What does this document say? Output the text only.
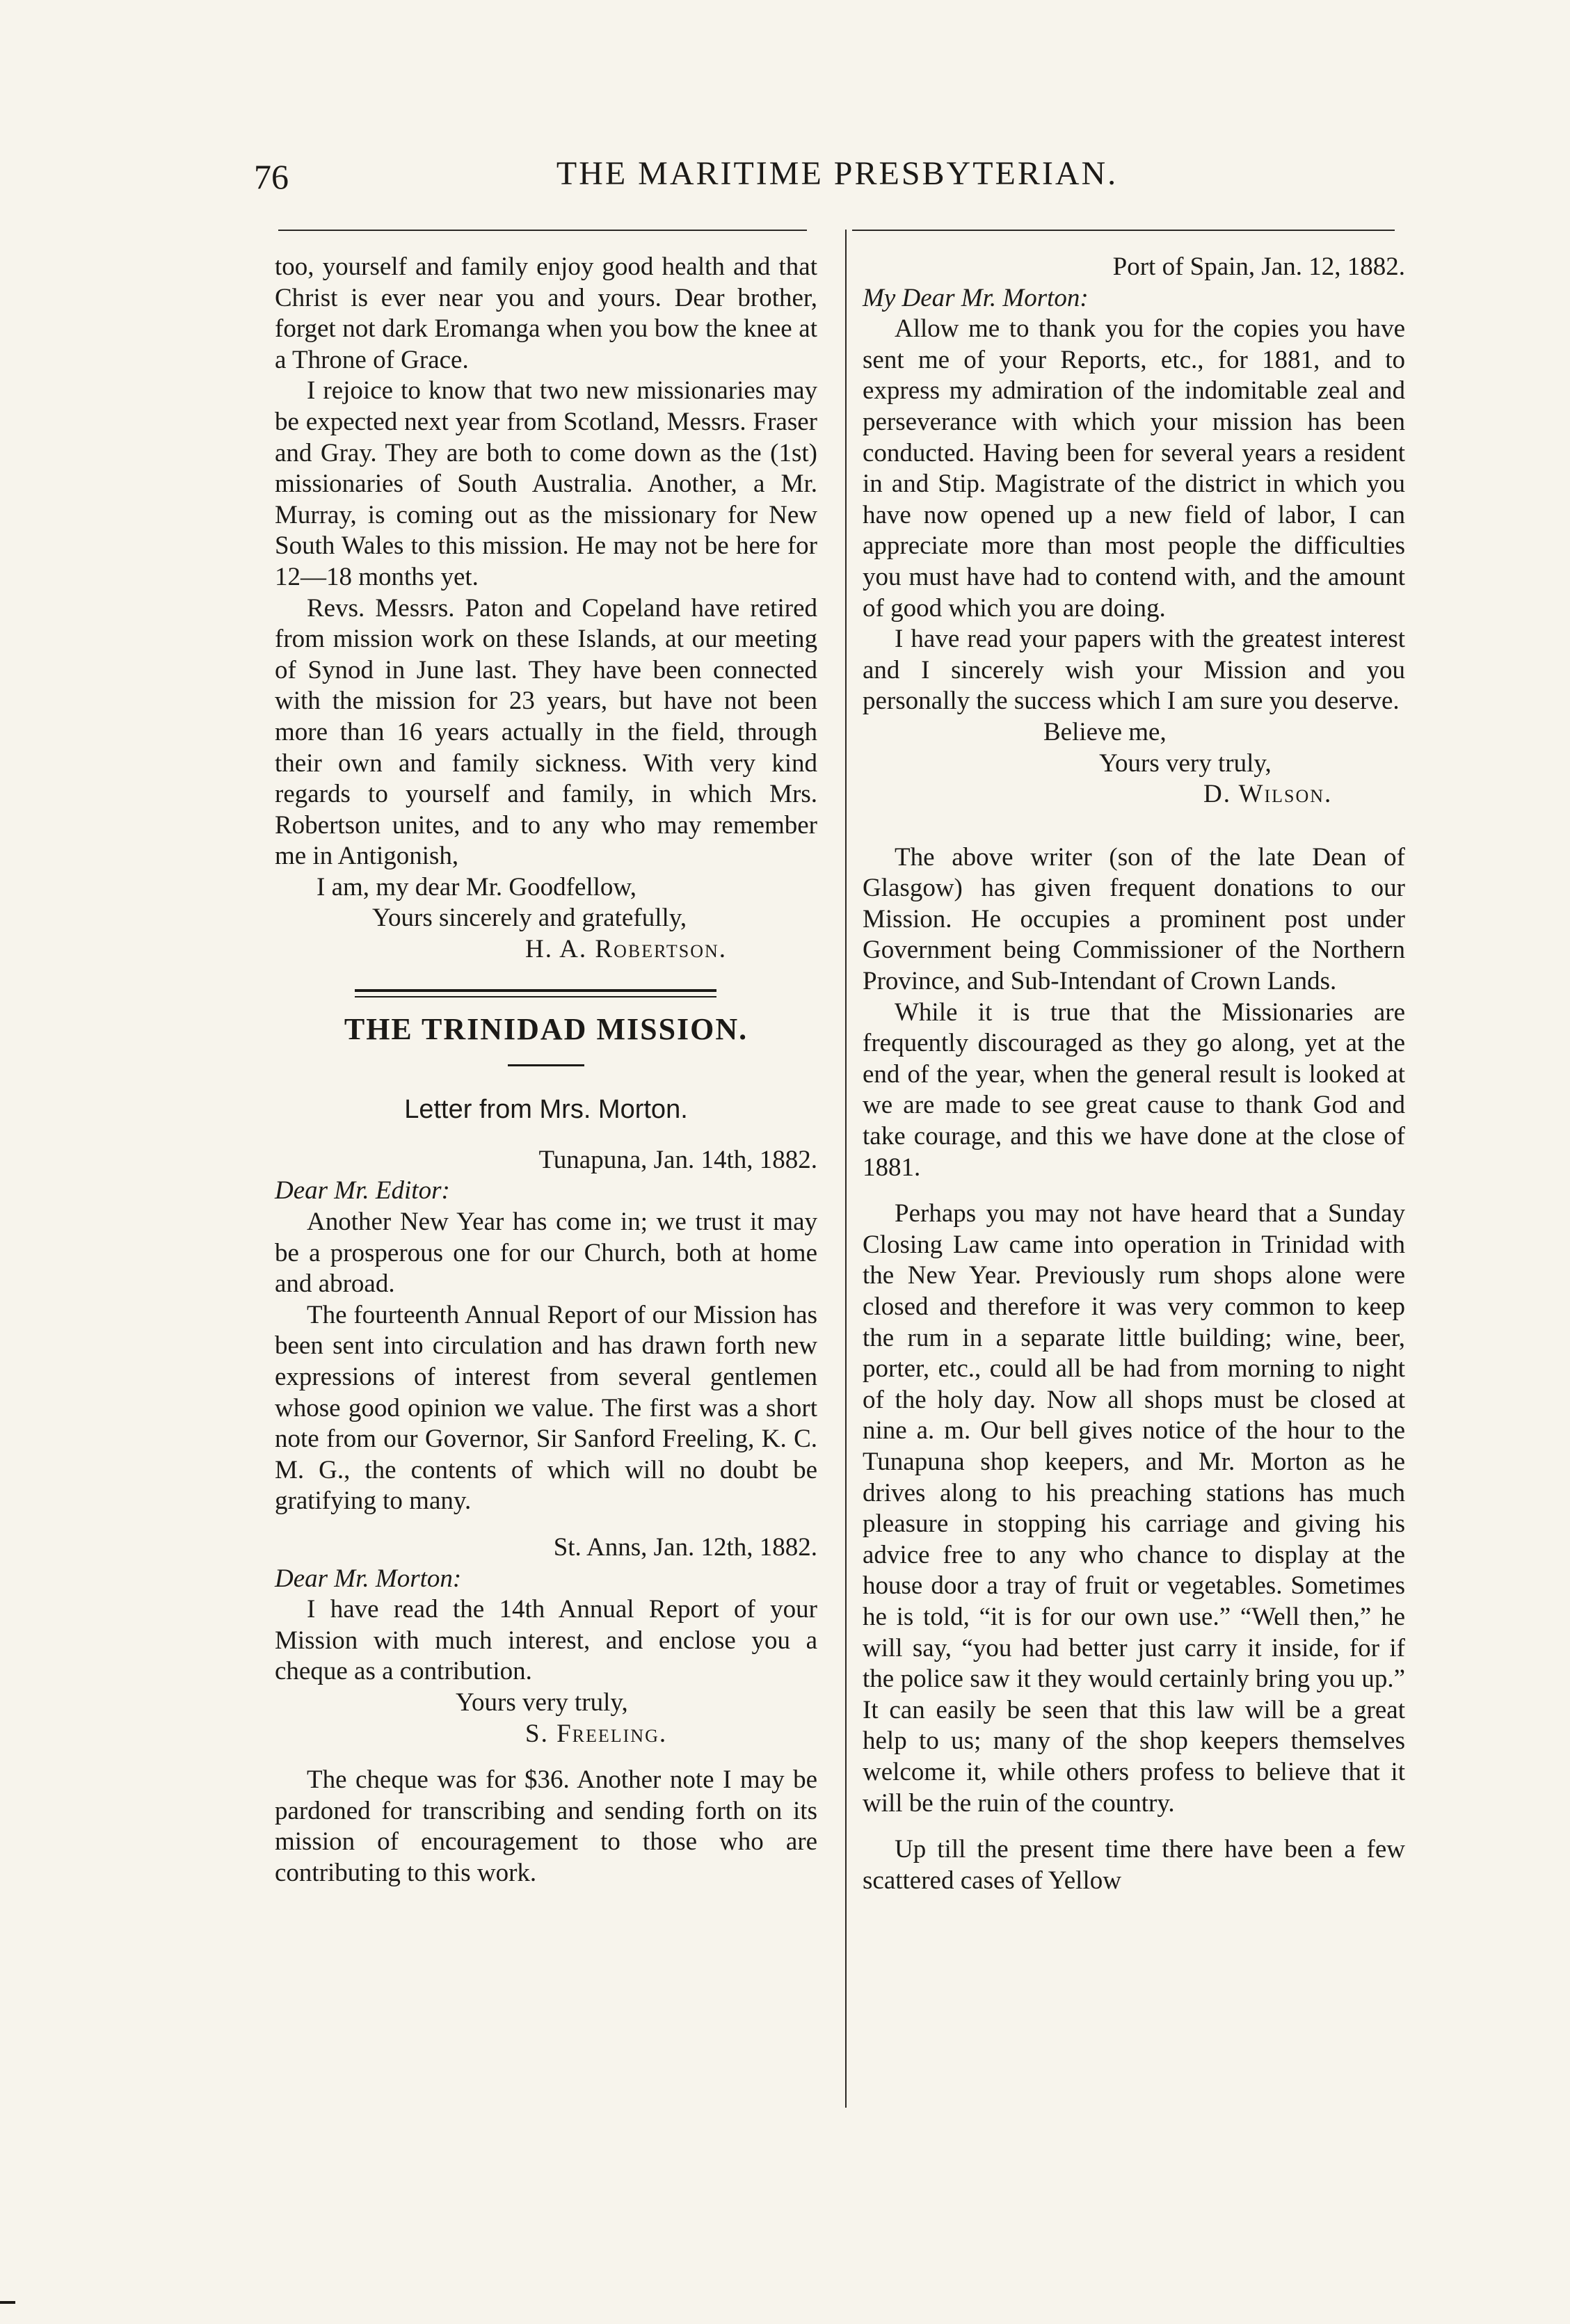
76	THE MARITIME PRESBYTERIAN.

too, yourself and family enjoy good health and that Christ is ever near you and yours. Dear brother, forget not dark Eromanga when you bow the knee at a Throne of Grace.

I rejoice to know that two new missionaries may be expected next year from Scotland, Messrs. Fraser and Gray. They are both to come down as the (1st) missionaries of South Australia. Another, a Mr. Murray, is coming out as the missionary for New South Wales to this mission. He may not be here for 12—18 months yet.

Revs. Messrs. Paton and Copeland have retired from mission work on these Islands, at our meeting of Synod in June last. They have been connected with the mission for 23 years, but have not been more than 16 years actually in the field, through their own and family sickness. With very kind regards to yourself and family, in which Mrs. Robertson unites, and to any who may remember me in Antigonish,

I am, my dear Mr. Goodfellow,

Yours sincerely and gratefully,

H. A. Robertson.

THE TRINIDAD MISSION.
Letter from Mrs. Morton.

Tunapuna, Jan. 14th, 1882.

Dear Mr. Editor:

Another New Year has come in; we trust it may be a prosperous one for our Church, both at home and abroad.

The fourteenth Annual Report of our Mission has been sent into circulation and has drawn forth new expressions of interest from several gentlemen whose good opinion we value. The first was a short note from our Governor, Sir Sanford Freeling, K. C. M. G., the contents of which will no doubt be gratifying to many.

St. Anns, Jan. 12th, 1882.

Dear Mr. Morton:

I have read the 14th Annual Report of your Mission with much interest, and enclose you a cheque as a contribution.

Yours very truly,

S. Freeling.

The cheque was for $36. Another note I may be pardoned for transcribing and sending forth on its mission of encouragement to those who are contributing to this work.

Port of Spain, Jan. 12, 1882.

My Dear Mr. Morton:

Allow me to thank you for the copies you have sent me of your Reports, etc., for 1881, and to express my admiration of the indomitable zeal and perseverance with which your mission has been conducted. Having been for several years a resident in and Stip. Magistrate of the district in which you have now opened up a new field of labor, I can appreciate more than most people the difficulties you must have had to contend with, and the amount of good which you are doing.

I have read your papers with the greatest interest and I sincerely wish your Mission and you personally the success which I am sure you deserve.

Believe me,

Yours very truly,

D. Wilson.

The above writer (son of the late Dean of Glasgow) has given frequent donations to our Mission. He occupies a prominent post under Government being Commissioner of the Northern Province, and Sub-Intendant of Crown Lands.

While it is true that the Missionaries are frequently discouraged as they go along, yet at the end of the year, when the general result is looked at we are made to see great cause to thank God and take courage, and this we have done at the close of 1881.

Perhaps you may not have heard that a Sunday Closing Law came into operation in Trinidad with the New Year. Previously rum shops alone were closed and therefore it was very common to keep the rum in a separate little building; wine, beer, porter, etc., could all be had from morning to night of the holy day. Now all shops must be closed at nine a. m. Our bell gives notice of the hour to the Tunapuna shop keepers, and Mr. Morton as he drives along to his preaching stations has much pleasure in stopping his carriage and giving his advice free to any who chance to display at the house door a tray of fruit or vegetables. Sometimes he is told, “it is for our own use.” “Well then,” he will say, “you had better just carry it inside, for if the police saw it they would certainly bring you up.” It can easily be seen that this law will be a great help to us; many of the shop keepers themselves welcome it, while others profess to believe that it will be the ruin of the country.

Up till the present time there have been a few scattered cases of Yellow
